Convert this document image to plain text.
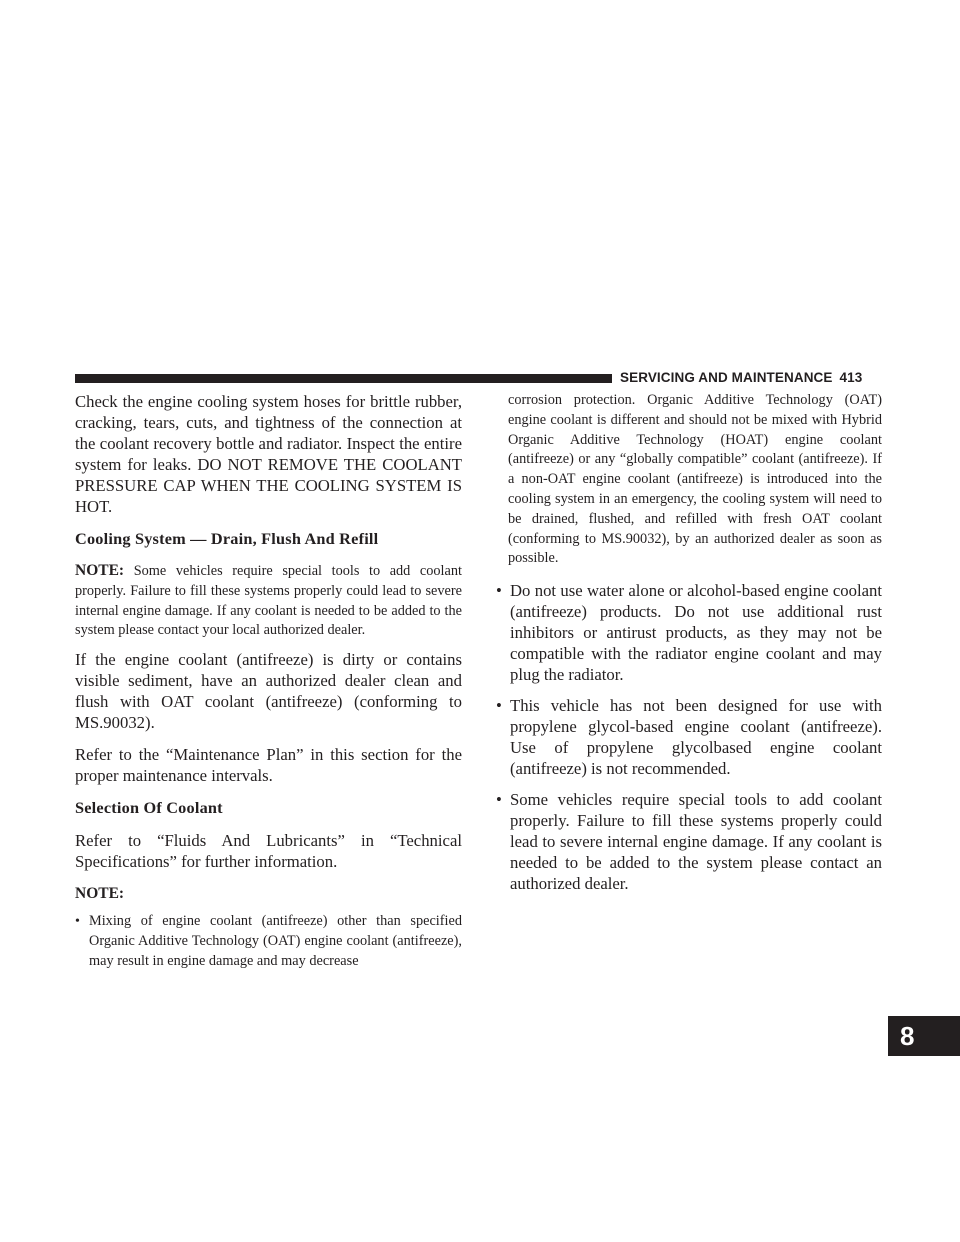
SERVICING AND MAINTENANCE 413
8

Check the engine cooling system hoses for brittle rubber, cracking, tears, cuts, and tightness of the connection at the coolant recovery bottle and radiator. Inspect the entire system for leaks. DO NOT REMOVE THE COOLANT PRESSURE CAP WHEN THE COOLING SYSTEM IS HOT.

Cooling System — Drain, Flush And Refill

NOTE: Some vehicles require special tools to add coolant properly. Failure to fill these systems properly could lead to severe internal engine damage. If any coolant is needed to be added to the system please contact your local authorized dealer.

If the engine coolant (antifreeze) is dirty or contains visible sediment, have an authorized dealer clean and flush with OAT coolant (antifreeze) (conforming to MS.90032).

Refer to the “Maintenance Plan” in this section for the proper maintenance intervals.

Selection Of Coolant

Refer to “Fluids And Lubricants” in “Technical Specifications” for further information.

NOTE:
• Mixing of engine coolant (antifreeze) other than specified Organic Additive Technology (OAT) engine coolant (antifreeze), may result in engine damage and may decrease

corrosion protection. Organic Additive Technology (OAT) engine coolant is different and should not be mixed with Hybrid Organic Additive Technology (HOAT) engine coolant (antifreeze) or any “globally compatible” coolant (antifreeze). If a non-OAT engine coolant (antifreeze) is introduced into the cooling system in an emergency, the cooling system will need to be drained, flushed, and refilled with fresh OAT coolant (conforming to MS.90032), by an authorized dealer as soon as possible.

• Do not use water alone or alcohol-based engine coolant (antifreeze) products. Do not use additional rust inhibitors or antirust products, as they may not be compatible with the radiator engine coolant and may plug the radiator.
• This vehicle has not been designed for use with propylene glycol-based engine coolant (antifreeze). Use of propylene glycolbased engine coolant (antifreeze) is not recommended.
• Some vehicles require special tools to add coolant properly. Failure to fill these systems properly could lead to severe internal engine damage. If any coolant is needed to be added to the system please contact an authorized dealer.
